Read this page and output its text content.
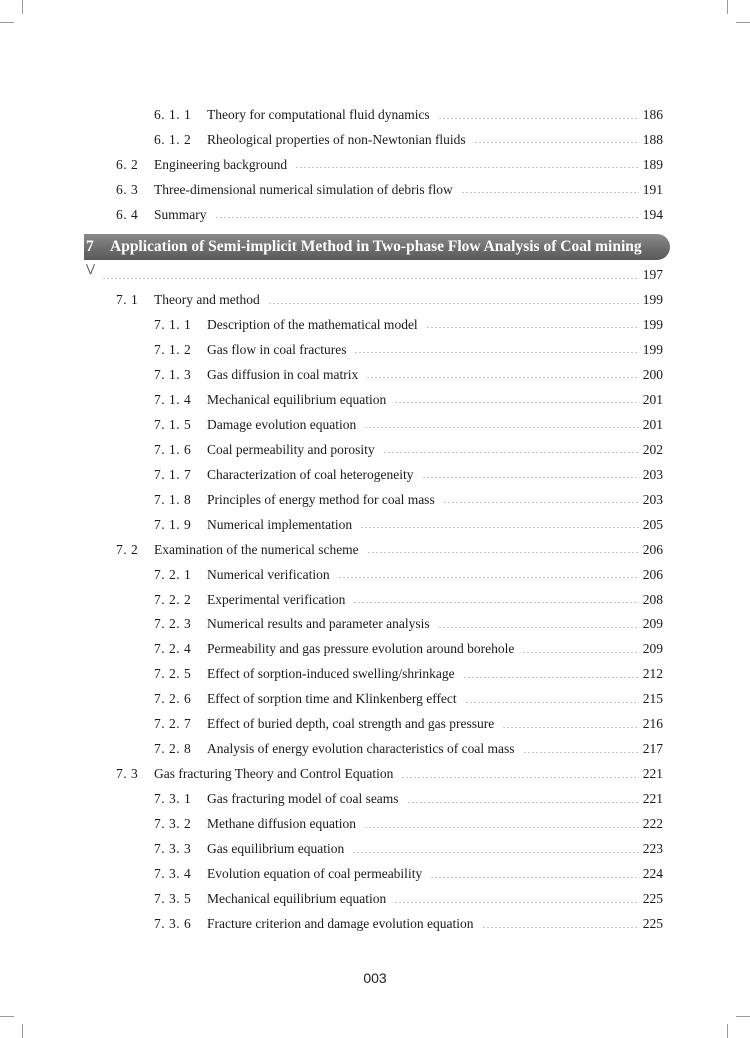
6. 1. 1	Theory for computational fluid dynamics	186
6. 1. 2	Rheological properties of non-Newtonian fluids	188
6. 2	Engineering background	189
6. 3	Three-dimensional numerical simulation of debris flow	191
6. 4	Summary	194
7	Application of Semi-implicit Method in Two-phase Flow Analysis of Coal mining
⋁	197
7. 1	Theory and method	199
7. 1. 1	Description of the mathematical model	199
7. 1. 2	Gas flow in coal fractures	199
7. 1. 3	Gas diffusion in coal matrix	200
7. 1. 4	Mechanical equilibrium equation	201
7. 1. 5	Damage evolution equation	201
7. 1. 6	Coal permeability and porosity	202
7. 1. 7	Characterization of coal heterogeneity	203
7. 1. 8	Principles of energy method for coal mass	203
7. 1. 9	Numerical implementation	205
7. 2	Examination of the numerical scheme	206
7. 2. 1	Numerical verification	206
7. 2. 2	Experimental verification	208
7. 2. 3	Numerical results and parameter analysis	209
7. 2. 4	Permeability and gas pressure evolution around borehole	209
7. 2. 5	Effect of sorption-induced swelling/shrinkage	212
7. 2. 6	Effect of sorption time and Klinkenberg effect	215
7. 2. 7	Effect of buried depth, coal strength and gas pressure	216
7. 2. 8	Analysis of energy evolution characteristics of coal mass	217
7. 3	Gas fracturing Theory and Control Equation	221
7. 3. 1	Gas fracturing model of coal seams	221
7. 3. 2	Methane diffusion equation	222
7. 3. 3	Gas equilibrium equation	223
7. 3. 4	Evolution equation of coal permeability	224
7. 3. 5	Mechanical equilibrium equation	225
7. 3. 6	Fracture criterion and damage evolution equation	225
003
